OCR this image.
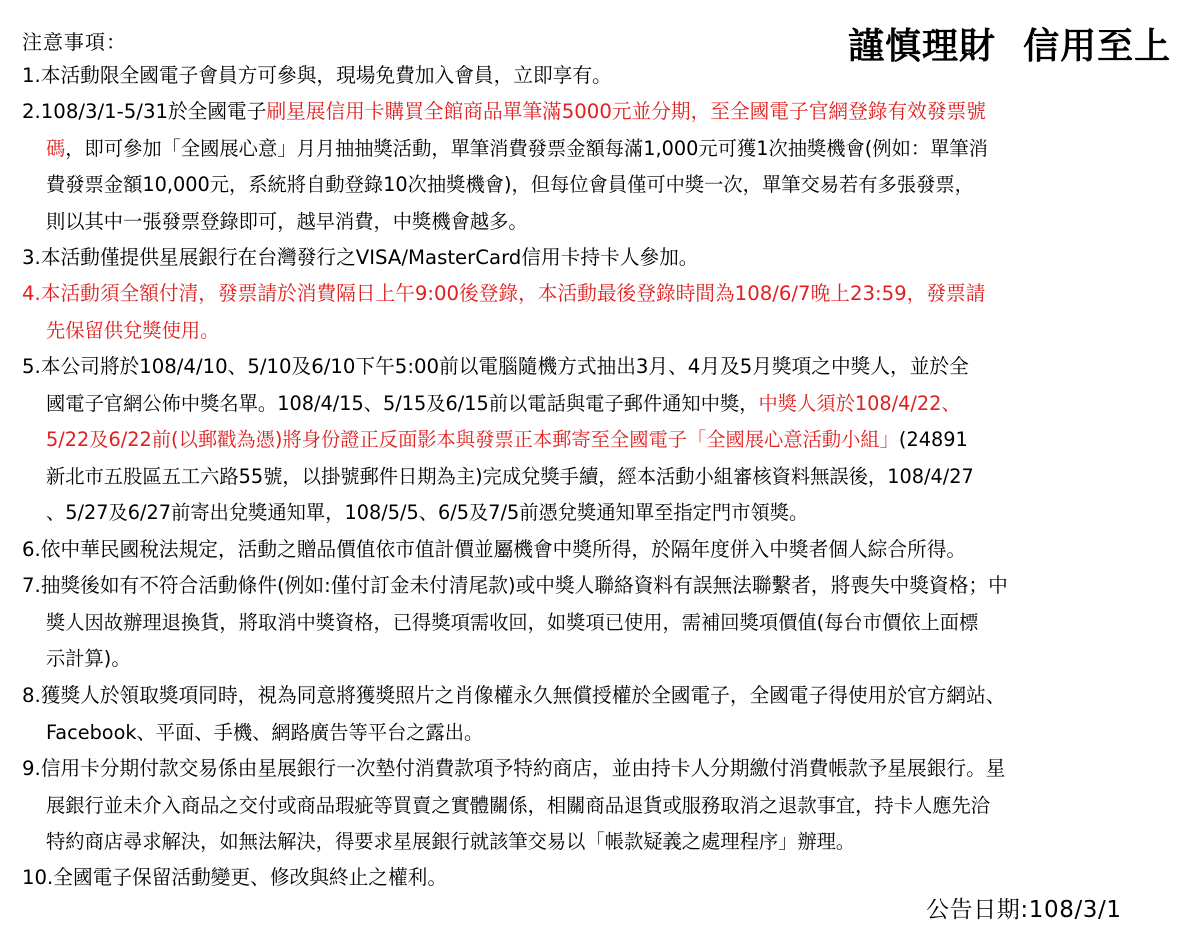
注意事項：	謹慎理財  信用至上
1.本活動限全國電子會員方可參與，現場免費加入會員，立即享有。
2.108/3/1-5/31於全國電子刷星展信用卡購買全館商品單筆滿5000元並分期，至全國電子官網登錄有效發票號
碼，即可參加「全國展心意」月月抽抽獎活動，單筆消費發票金額每滿1,000元可獲1次抽獎機會(例如：單筆消
費發票金額10,000元，系統將自動登錄10次抽獎機會)，但每位會員僅可中獎一次，單筆交易若有多張發票，
則以其中一張發票登錄即可，越早消費，中獎機會越多。
3.本活動僅提供星展銀行在台灣發行之VISA/MasterCard信用卡持卡人參加。
4.本活動須全額付清，發票請於消費隔日上午9:00後登錄，本活動最後登錄時間為108/6/7晚上23:59，發票請
先保留供兌獎使用。
5.本公司將於108/4/10、5/10及6/10下午5:00前以電腦隨機方式抽出3月、4月及5月獎項之中獎人，並於全
國電子官網公佈中獎名單。108/4/15、5/15及6/15前以電話與電子郵件通知中獎，中獎人須於108/4/22、
5/22及6/22前(以郵戳為憑)將身份證正反面影本與發票正本郵寄至全國電子「全國展心意活動小組」(24891
新北市五股區五工六路55號，以掛號郵件日期為主)完成兌獎手續，經本活動小組審核資料無誤後，108/4/27
、5/27及6/27前寄出兌獎通知單，108/5/5、6/5及7/5前憑兌獎通知單至指定門市領獎。
6.依中華民國稅法規定，活動之贈品價值依市值計價並屬機會中獎所得，於隔年度併入中獎者個人綜合所得。
7.抽獎後如有不符合活動條件(例如:僅付訂金未付清尾款)或中獎人聯絡資料有誤無法聯繫者，將喪失中獎資格；中
獎人因故辦理退換貨，將取消中獎資格，已得獎項需收回，如獎項已使用，需補回獎項價值(每台市價依上面標
示計算)。
8.獲獎人於領取獎項同時，視為同意將獲獎照片之肖像權永久無償授權於全國電子，全國電子得使用於官方網站、
Facebook、平面、手機、網路廣告等平台之露出。
9.信用卡分期付款交易係由星展銀行一次墊付消費款項予特約商店，並由持卡人分期繳付消費帳款予星展銀行。星
展銀行並未介入商品之交付或商品瑕疵等買賣之實體關係，相關商品退貨或服務取消之退款事宜，持卡人應先洽
特約商店尋求解決，如無法解決，得要求星展銀行就該筆交易以「帳款疑義之處理程序」辦理。
10.全國電子保留活動變更、修改與終止之權利。
公告日期:108/3/1
